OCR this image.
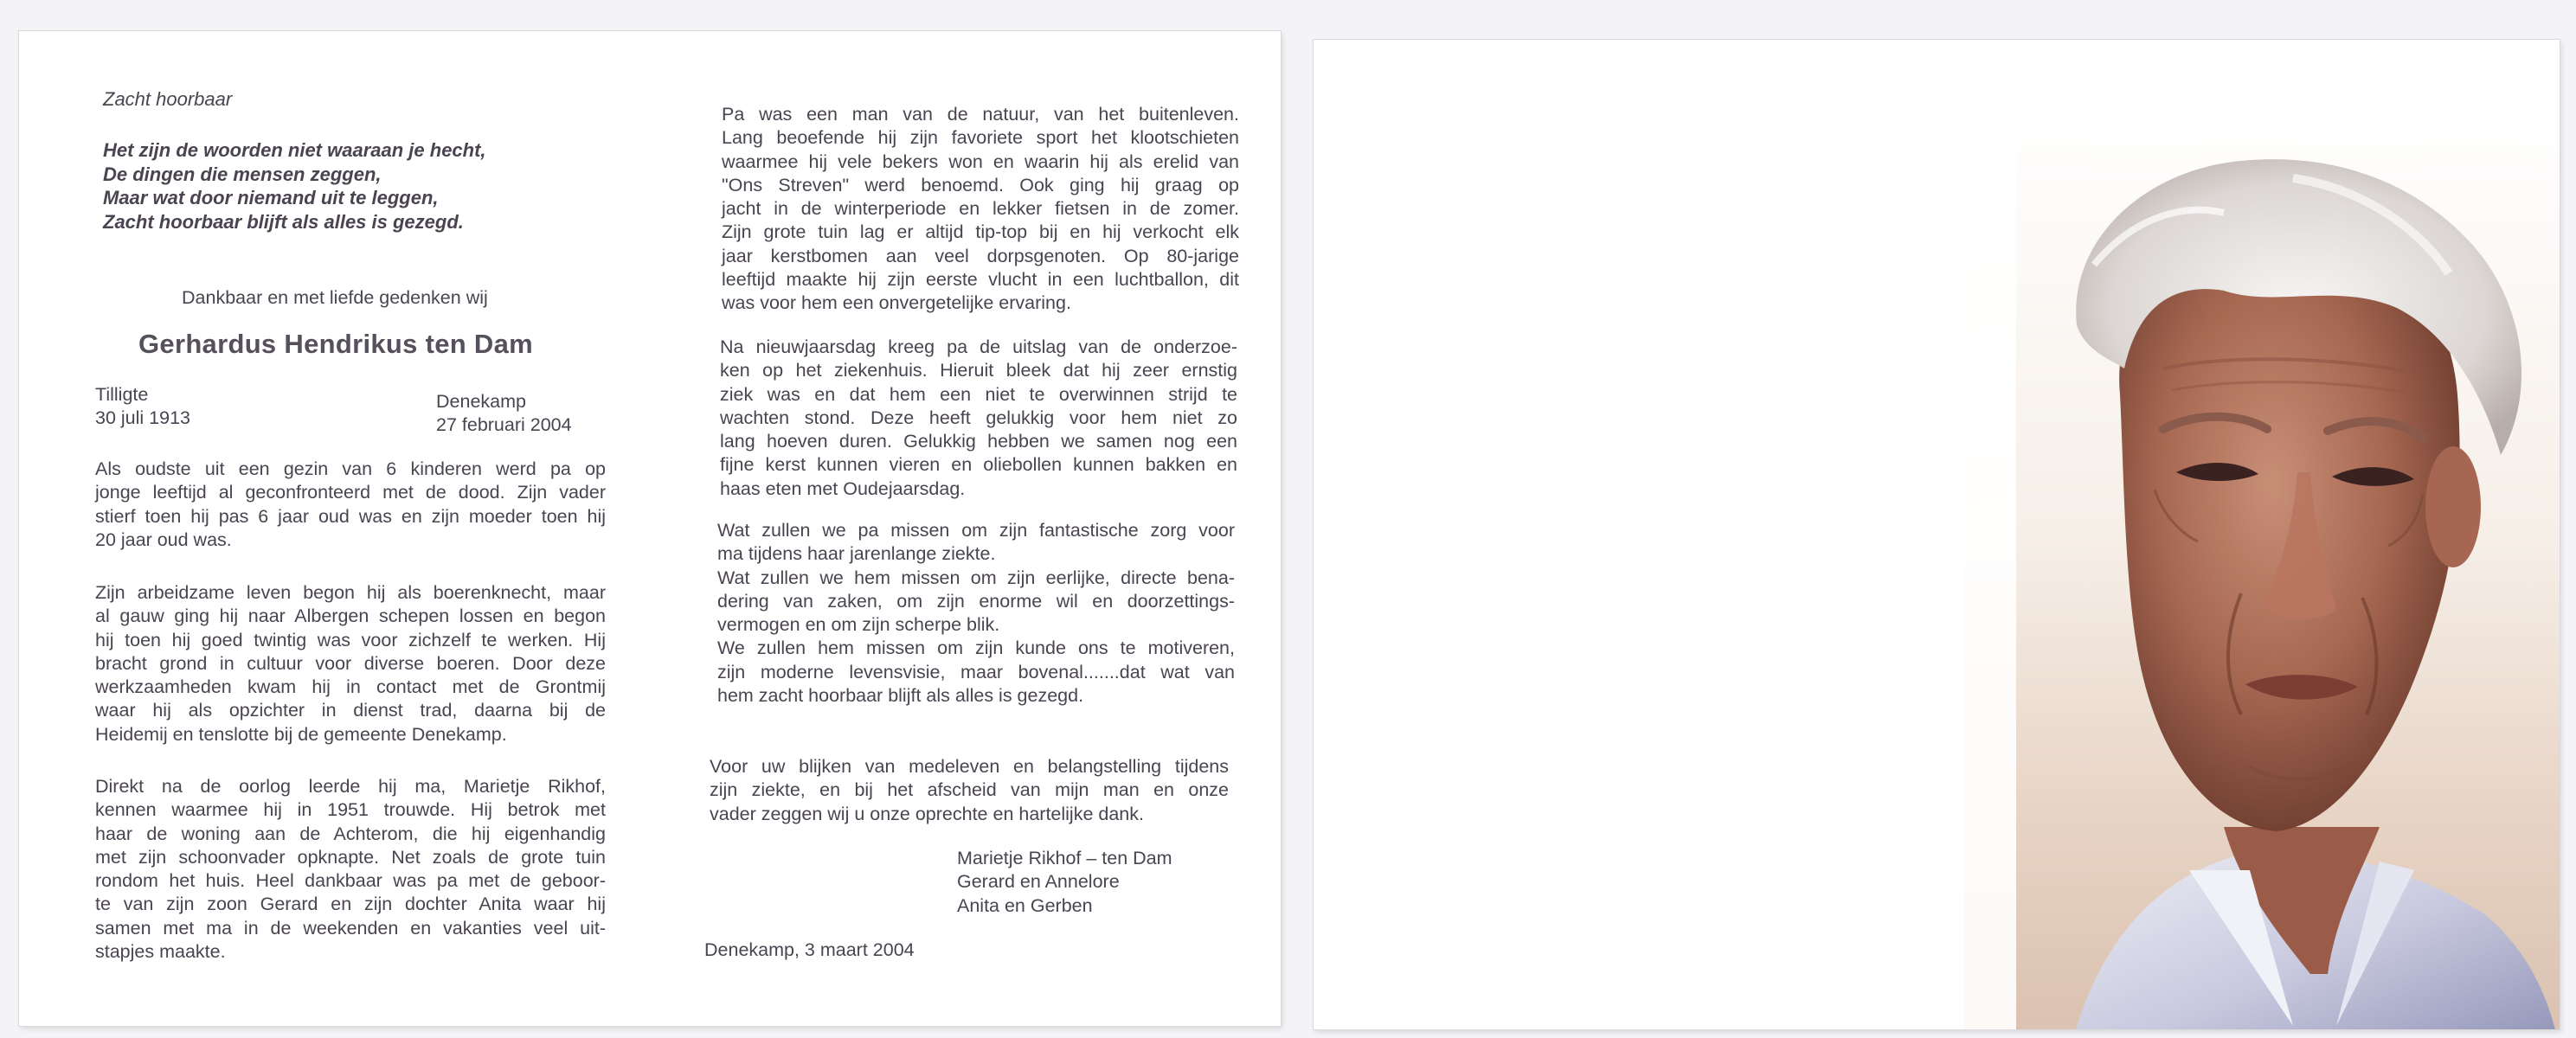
Zacht hoorbaar

Het zijn de woorden niet waaraan je hecht,
De dingen die mensen zeggen,
Maar wat door niemand uit te leggen,
Zacht hoorbaar blijft als alles is gezegd.

Dankbaar en met liefde gedenken wij

Gerhardus Hendrikus ten Dam

Tilligte
30 juli 1913
Denekamp
27 februari 2004
Als oudste uit een gezin van 6 kinderen werd pa op
jonge leeftijd al geconfronteerd met de dood. Zijn vader
stierf toen hij pas 6 jaar oud was en zijn moeder toen hij
20 jaar oud was.
Zijn arbeidzame leven begon hij als boerenknecht, maar
al gauw ging hij naar Albergen schepen lossen en begon
hij toen hij goed twintig was voor zichzelf te werken. Hij
bracht grond in cultuur voor diverse boeren. Door deze
werkzaamheden kwam hij in contact met de Grontmij
waar hij als opzichter in dienst trad, daarna bij de
Heidemij en tenslotte bij de gemeente Denekamp.
Direkt na de oorlog leerde hij ma, Marietje Rikhof,
kennen waarmee hij in 1951 trouwde. Hij betrok met
haar de woning aan de Achterom, die hij eigenhandig
met zijn schoonvader opknapte. Net zoals de grote tuin
rondom het huis. Heel dankbaar was pa met de geboor-
te van zijn zoon Gerard en zijn dochter Anita waar hij
samen met ma in de weekenden en vakanties veel uit-
stapjes maakte.
Pa was een man van de natuur, van het buitenleven.
Lang beoefende hij zijn favoriete sport het klootschieten
waarmee hij vele bekers won en waarin hij als erelid van
"Ons Streven" werd benoemd. Ook ging hij graag op
jacht in de winterperiode en lekker fietsen in de zomer.
Zijn grote tuin lag er altijd tip-top bij en hij verkocht elk
jaar kerstbomen aan veel dorpsgenoten. Op 80-jarige
leeftijd maakte hij zijn eerste vlucht in een luchtballon, dit
was voor hem een onvergetelijke ervaring.
Na nieuwjaarsdag kreeg pa de uitslag van de onderzoe-
ken op het ziekenhuis. Hieruit bleek dat hij zeer ernstig
ziek was en dat hem een niet te overwinnen strijd te
wachten stond. Deze heeft gelukkig voor hem niet zo
lang hoeven duren. Gelukkig hebben we samen nog een
fijne kerst kunnen vieren en oliebollen kunnen bakken en
haas eten met Oudejaarsdag.
Wat zullen we pa missen om zijn fantastische zorg voor
ma tijdens haar jarenlange ziekte.
Wat zullen we hem missen om zijn eerlijke, directe bena-
dering van zaken, om zijn enorme wil en doorzettings-
vermogen en om zijn scherpe blik.
We zullen hem missen om zijn kunde ons te motiveren,
zijn moderne levensvisie, maar bovenal.......dat wat van
hem zacht hoorbaar blijft als alles is gezegd.
Voor uw blijken van medeleven en belangstelling tijdens
zijn ziekte, en bij het afscheid van mijn man en onze
vader zeggen wij u onze oprechte en hartelijke dank.
Marietje Rikhof – ten Dam
Gerard en Annelore
Anita en Gerben

Denekamp, 3 maart 2004
